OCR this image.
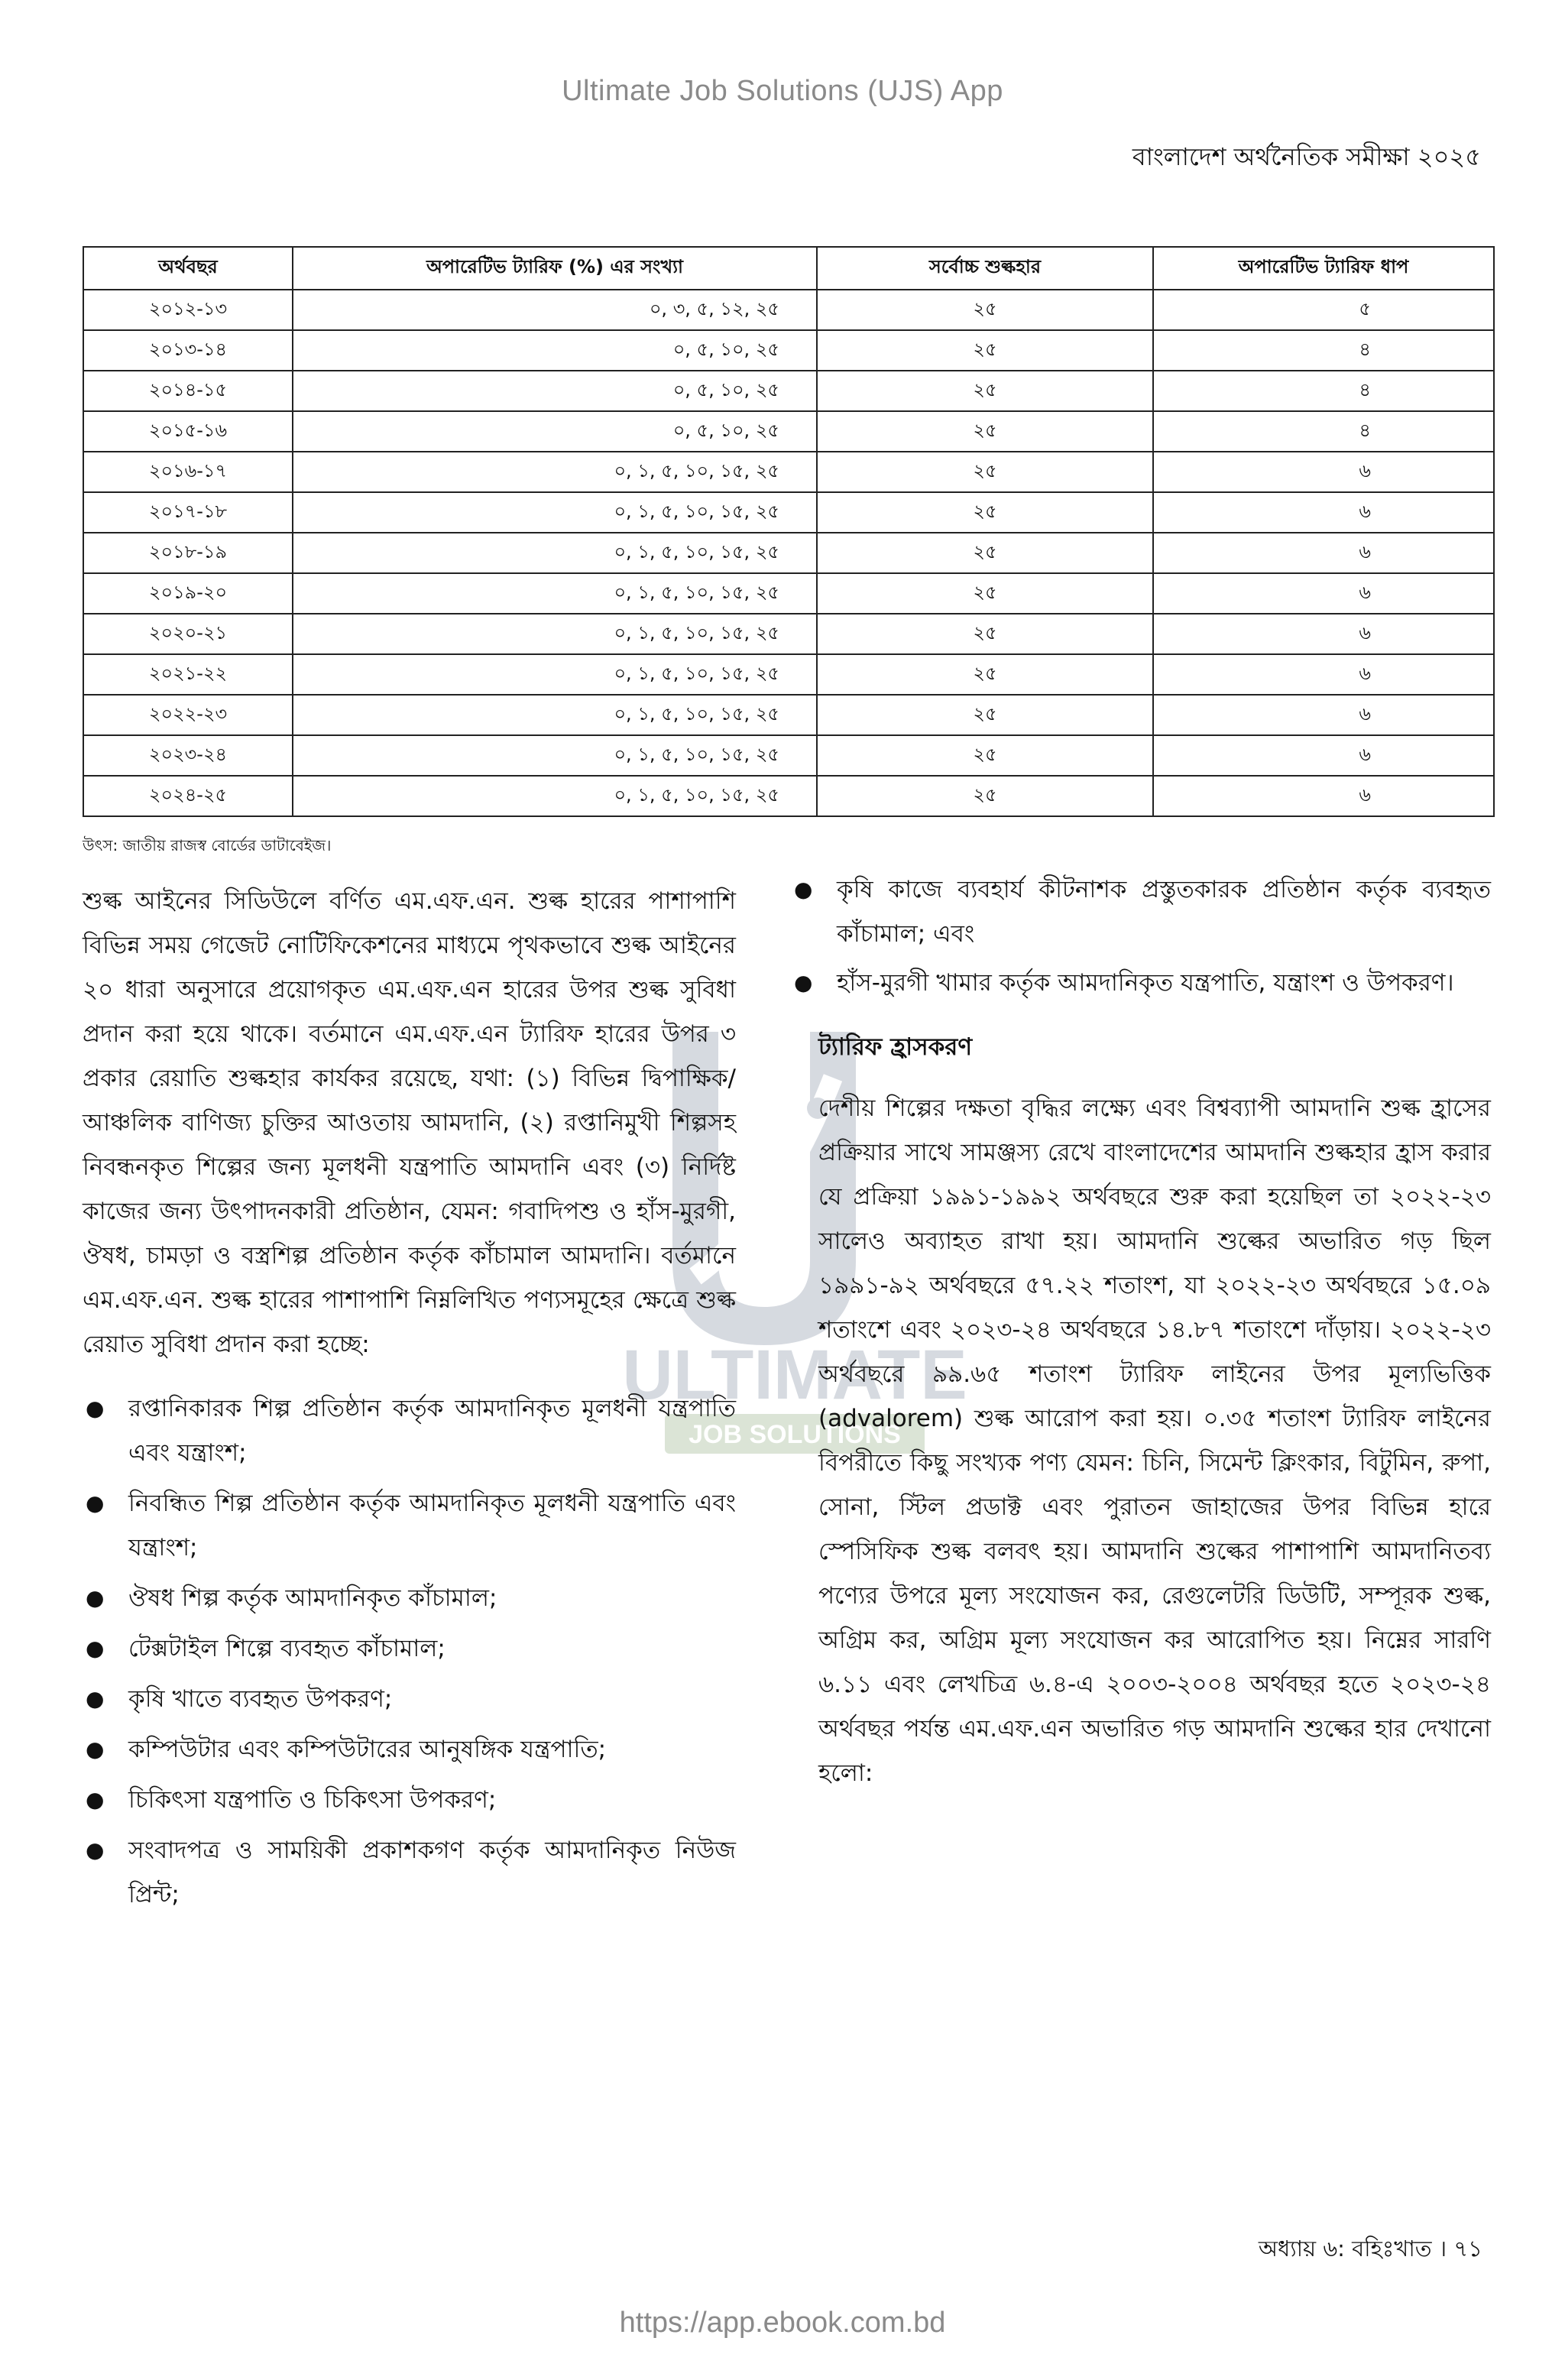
Ultimate Job Solutions (UJS) App
বাংলাদেশ অর্থনৈতিক সমীক্ষা ২০২৫
অর্থবছর	অপারেটিভ ট্যারিফ (%) এর সংখ্যা	সর্বোচ্চ শুল্কহার	অপারেটিভ ট্যারিফ ধাপ
২০১২-১৩	০, ৩, ৫, ১২, ২৫	২৫	৫
২০১৩-১৪	০, ৫, ১০, ২৫	২৫	৪
২০১৪-১৫	০, ৫, ১০, ২৫	২৫	৪
২০১৫-১৬	০, ৫, ১০, ২৫	২৫	৪
২০১৬-১৭	০, ১, ৫, ১০, ১৫, ২৫	২৫	৬
২০১৭-১৮	০, ১, ৫, ১০, ১৫, ২৫	২৫	৬
২০১৮-১৯	০, ১, ৫, ১০, ১৫, ২৫	২৫	৬
২০১৯-২০	০, ১, ৫, ১০, ১৫, ২৫	২৫	৬
২০২০-২১	০, ১, ৫, ১০, ১৫, ২৫	২৫	৬
২০২১-২২	০, ১, ৫, ১০, ১৫, ২৫	২৫	৬
২০২২-২৩	০, ১, ৫, ১০, ১৫, ২৫	২৫	৬
২০২৩-২৪	০, ১, ৫, ১০, ১৫, ২৫	২৫	৬
২০২৪-২৫	০, ১, ৫, ১০, ১৫, ২৫	২৫	৬
উৎস: জাতীয় রাজস্ব বোর্ডের ডাটাবেইজ।
ULTIMATE
JOB SOLUTIONS

শুল্ক আইনের সিডিউলে বর্ণিত এম.এফ.এন. শুল্ক হারের পাশাপাশি বিভিন্ন সময় গেজেট নোটিফিকেশনের মাধ্যমে পৃথকভাবে শুল্ক আইনের ২০ ধারা অনুসারে প্রয়োগকৃত এম.এফ.এন হারের উপর শুল্ক সুবিধা প্রদান করা হয়ে থাকে। বর্তমানে এম.এফ.এন ট্যারিফ হারের উপর ৩ প্রকার রেয়াতি শুল্কহার কার্যকর রয়েছে, যথা: (১) বিভিন্ন দ্বিপাক্ষিক/আঞ্চলিক বাণিজ্য চুক্তির আওতায় আমদানি, (২) রপ্তানিমুখী শিল্পসহ নিবন্ধনকৃত শিল্পের জন্য মূলধনী যন্ত্রপাতি আমদানি এবং (৩) নির্দিষ্ট কাজের জন্য উৎপাদনকারী প্রতিষ্ঠান, যেমন: গবাদিপশু ও হাঁস-মুরগী, ঔষধ, চামড়া ও বস্ত্রশিল্প প্রতিষ্ঠান কর্তৃক কাঁচামাল আমদানি। বর্তমানে এম.এফ.এন. শুল্ক হারের পাশাপাশি নিম্নলিখিত পণ্যসমূহের ক্ষেত্রে শুল্ক রেয়াত সুবিধা প্রদান করা হচ্ছে:

● রপ্তানিকারক শিল্প প্রতিষ্ঠান কর্তৃক আমদানিকৃত মূলধনী যন্ত্রপাতি এবং যন্ত্রাংশ;
● নিবন্ধিত শিল্প প্রতিষ্ঠান কর্তৃক আমদানিকৃত মূলধনী যন্ত্রপাতি এবং যন্ত্রাংশ;
● ঔষধ শিল্প কর্তৃক আমদানিকৃত কাঁচামাল;
● টেক্সটাইল শিল্পে ব্যবহৃত কাঁচামাল;
● কৃষি খাতে ব্যবহৃত উপকরণ;
● কম্পিউটার এবং কম্পিউটারের আনুষঙ্গিক যন্ত্রপাতি;
● চিকিৎসা যন্ত্রপাতি ও চিকিৎসা উপকরণ;
● সংবাদপত্র ও সাময়িকী প্রকাশকগণ কর্তৃক আমদানিকৃত নিউজ প্রিন্ট;
● কৃষি কাজে ব্যবহার্য কীটনাশক প্রস্তুতকারক প্রতিষ্ঠান কর্তৃক ব্যবহৃত কাঁচামাল; এবং
● হাঁস-মুরগী খামার কর্তৃক আমদানিকৃত যন্ত্রপাতি, যন্ত্রাংশ ও উপকরণ।
ট্যারিফ হ্রাসকরণ

দেশীয় শিল্পের দক্ষতা বৃদ্ধির লক্ষ্যে এবং বিশ্বব্যাপী আমদানি শুল্ক হ্রাসের প্রক্রিয়ার সাথে সামঞ্জস্য রেখে বাংলাদেশের আমদানি শুল্কহার হ্রাস করার যে প্রক্রিয়া ১৯৯১-১৯৯২ অর্থবছরে শুরু করা হয়েছিল তা ২০২২-২৩ সালেও অব্যাহত রাখা হয়। আমদানি শুল্কের অভারিত গড় ছিল ১৯৯১-৯২ অর্থবছরে ৫৭.২২ শতাংশ, যা ২০২২-২৩ অর্থবছরে ১৫.০৯ শতাংশে এবং ২০২৩-২৪ অর্থবছরে ১৪.৮৭ শতাংশে দাঁড়ায়। ২০২২-২৩ অর্থবছরে ৯৯.৬৫ শতাংশ ট্যারিফ লাইনের উপর মূল্যভিত্তিক (advalorem) শুল্ক আরোপ করা হয়। ০.৩৫ শতাংশ ট্যারিফ লাইনের বিপরীতে কিছু সংখ্যক পণ্য যেমন: চিনি, সিমেন্ট ক্লিংকার, বিটুমিন, রুপা, সোনা, স্টিল প্রডাক্ট এবং পুরাতন জাহাজের উপর বিভিন্ন হারে স্পেসিফিক শুল্ক বলবৎ হয়। আমদানি শুল্কের পাশাপাশি আমদানিতব্য পণ্যের উপরে মূল্য সংযোজন কর, রেগুলেটরি ডিউটি, সম্পূরক শুল্ক, অগ্রিম কর, অগ্রিম মূল্য সংযোজন কর আরোপিত হয়। নিম্নের সারণি ৬.১১ এবং লেখচিত্র ৬.৪-এ ২০০৩-২০০৪ অর্থবছর হতে ২০২৩-২৪ অর্থবছর পর্যন্ত এম.এফ.এন অভারিত গড় আমদানি শুল্কের হার দেখানো হলো:

অধ্যায় ৬: বহিঃখাত । ৭১
https://app.ebook.com.bd
